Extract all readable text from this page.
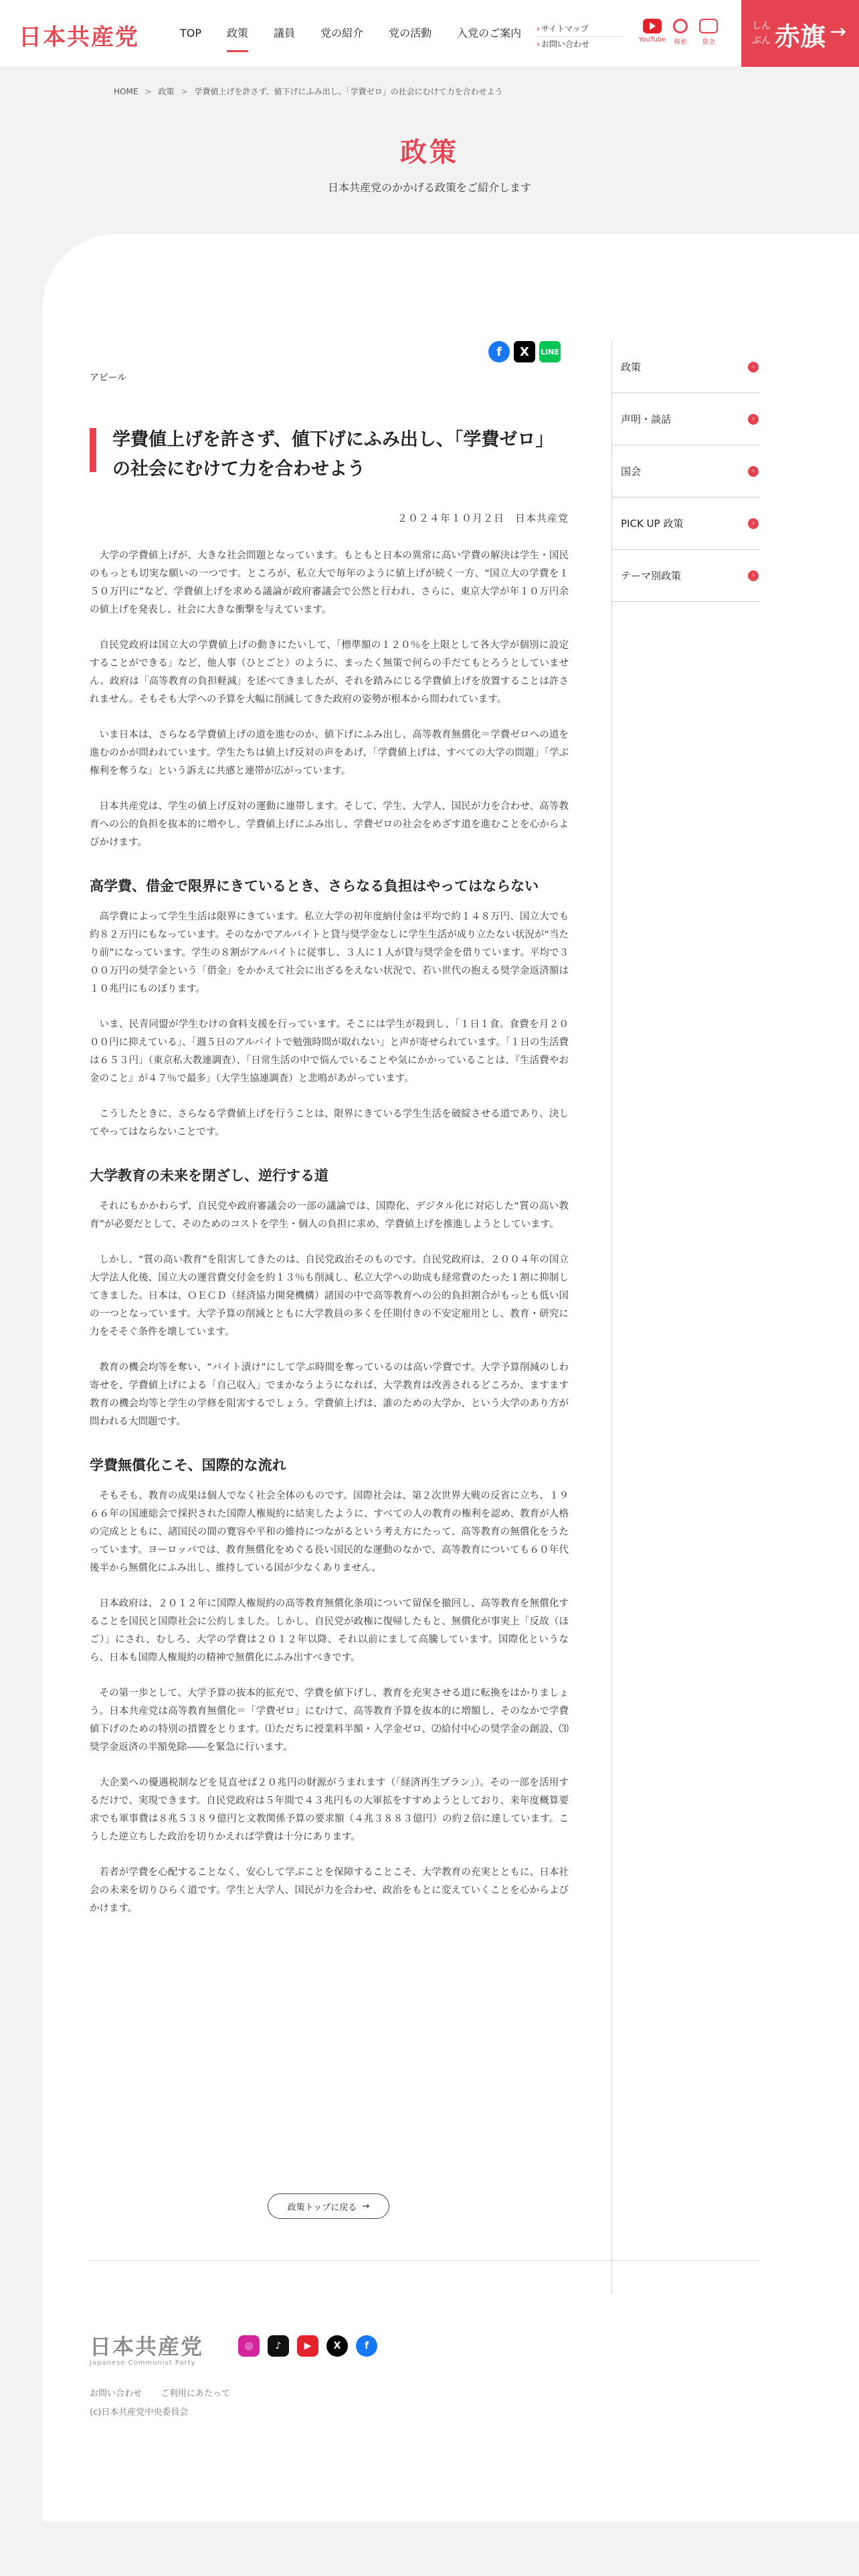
日本共産党	TOP	政策	議員	党の紹介	党の活動	入党のご案内	› サイトマップ
› お問い合わせ	YouTube	検索	募金
しんぶん 赤旗 →
HOME > 政策 > 学費値上げを許さず、値下げにふみ出し、「学費ゼロ」の社会にむけて力を合わせよう
政策
日本共産党のかかげる政策をご紹介します
f	X	LINE
アピール
学費値上げを許さず、値下げにふみ出し、「学費ゼロ」の社会にむけて力を合わせよう
２０２４年１０月２日　日本共産党

大学の学費値上げが、大きな社会問題となっています。もともと日本の異常に高い学費の解決は学生・国民のもっとも切実な願いの一つです。ところが、私立大で毎年のように値上げが続く一方、“国立大の学費を１５０万円に”など、学費値上げを求める議論が政府審議会で公然と行われ、さらに、東京大学が年１０万円余の値上げを発表し、社会に大きな衝撃を与えています。

自民党政府は国立大の学費値上げの動きにたいして、「標準額の１２０％を上限として各大学が個別に設定することができる」など、他人事（ひとごと）のように、まったく無策で何らの手だてもとろうとしていません。政府は「高等教育の負担軽減」を述べてきましたが、それを踏みにじる学費値上げを放置することは許されません。そもそも大学への予算を大幅に削減してきた政府の姿勢が根本から問われています。

いま日本は、さらなる学費値上げの道を進むのか、値下げにふみ出し、高等教育無償化＝学費ゼロへの道を進むのかが問われています。学生たちは値上げ反対の声をあげ、「学費値上げは、すべての大学の問題」「学ぶ権利を奪うな」という訴えに共感と連帯が広がっています。

日本共産党は、学生の値上げ反対の運動に連帯します。そして、学生、大学人、国民が力を合わせ、高等教育への公的負担を抜本的に増やし、学費値上げにふみ出し、学費ゼロの社会をめざす道を進むことを心からよびかけます。

高学費、借金で限界にきているとき、さらなる負担はやってはならない

高学費によって学生生活は限界にきています。私立大学の初年度納付金は平均で約１４８万円、国立大でも約８２万円にもなっています。そのなかでアルバイトと貸与奨学金なしに学生生活が成り立たない状況が“当たり前”になっています。学生の８割がアルバイトに従事し、３人に１人が貸与奨学金を借りています。平均で３００万円の奨学金という「借金」をかかえて社会に出ざるをえない状況で、若い世代の抱える奨学金返済額は１０兆円にものぼります。

いま、民青同盟が学生むけの食料支援を行っています。そこには学生が殺到し、「１日１食。食費を月２０００円に抑えている」、「週５日のアルバイトで勉強時間が取れない」と声が寄せられています。「１日の生活費は６５３円」（東京私大教連調査）、「日常生活の中で悩んでいることや気にかかっていることは、『生活費やお金のこと』が４７％で最多」（大学生協連調査）と悲鳴があがっています。

こうしたときに、さらなる学費値上げを行うことは、限界にきている学生生活を破綻させる道であり、決してやってはならないことです。

大学教育の未来を閉ざし、逆行する道

それにもかかわらず、自民党や政府審議会の一部の議論では、国際化、デジタル化に対応した“質の高い教育”が必要だとして、そのためのコストを学生・個人の負担に求め、学費値上げを推進しようとしています。

しかし、“質の高い教育”を阻害してきたのは、自民党政治そのものです。自民党政府は、２００４年の国立大学法人化後、国立大の運営費交付金を約１３％も削減し、私立大学への助成も経常費のたった１割に抑制してきました。日本は、ＯＥＣＤ（経済協力開発機構）諸国の中で高等教育への公的負担割合がもっとも低い国の一つとなっています。大学予算の削減とともに大学教員の多くを任期付きの不安定雇用とし、教育・研究に力をそそぐ条件を壊しています。

教育の機会均等を奪い、“バイト漬け”にして学ぶ時間を奪っているのは高い学費です。大学予算削減のしわ寄せを、学費値上げによる「自己収入」でまかなうようになれば、大学教育は改善されるどころか、ますます教育の機会均等と学生の学修を阻害するでしょう。学費値上げは、誰のための大学か、という大学のあり方が問われる大問題です。

学費無償化こそ、国際的な流れ

そもそも、教育の成果は個人でなく社会全体のものです。国際社会は、第２次世界大戦の反省に立ち、１９６６年の国連総会で採択された国際人権規約に結実したように、すべての人の教育の権利を認め、教育が人格の完成とともに、諸国民の間の寛容や平和の維持につながるという考え方にたって、高等教育の無償化をうたっています。ヨーロッパでは、教育無償化をめぐる長い国民的な運動のなかで、高等教育についても６０年代後半から無償化にふみ出し、維持している国が少なくありません。

日本政府は、２０１２年に国際人権規約の高等教育無償化条項について留保を撤回し、高等教育を無償化することを国民と国際社会に公約しました。しかし、自民党が政権に復帰したもと、無償化が事実上「反故（ほご）」にされ、むしろ、大学の学費は２０１２年以降、それ以前にまして高騰しています。国際化というなら、日本も国際人権規約の精神で無償化にふみ出すべきです。

その第一歩として、大学予算の抜本的拡充で、学費を値下げし、教育を充実させる道に転換をはかりましょう。日本共産党は高等教育無償化＝「学費ゼロ」にむけて、高等教育予算を抜本的に増額し、そのなかで学費値下げのための特別の措置をとります。⑴ただちに授業料半額・入学金ゼロ、⑵給付中心の奨学金の創設、⑶奨学金返済の半額免除――を緊急に行います。

大企業への優遇税制などを見直せば２０兆円の財源がうまれます（「経済再生プラン」）。その一部を活用するだけで、実現できます。自民党政府は５年間で４３兆円もの大軍拡をすすめようとしており、来年度概算要求でも軍事費は８兆５３８９億円と文教関係予算の要求額（４兆３８８３億円）の約２倍に達しています。こうした逆立ちした政治を切りかえれば学費は十分にあります。

若者が学費を心配することなく、安心して学ぶことを保障することこそ、大学教育の充実とともに、日本社会の未来を切りひらく道です。学生と大学人、国民が力を合わせ、政治をもとに変えていくことを心からよびかけます。

政策トップに戻る
→
政策	›
声明・談話	›
国会	›
PICK UP 政策	›
テーマ別政策	›
日本共産党
Japanese Communist Party
◎	♪	▶	X	f
お問い合わせ ご利用にあたって
(c)日本共産党中央委員会
